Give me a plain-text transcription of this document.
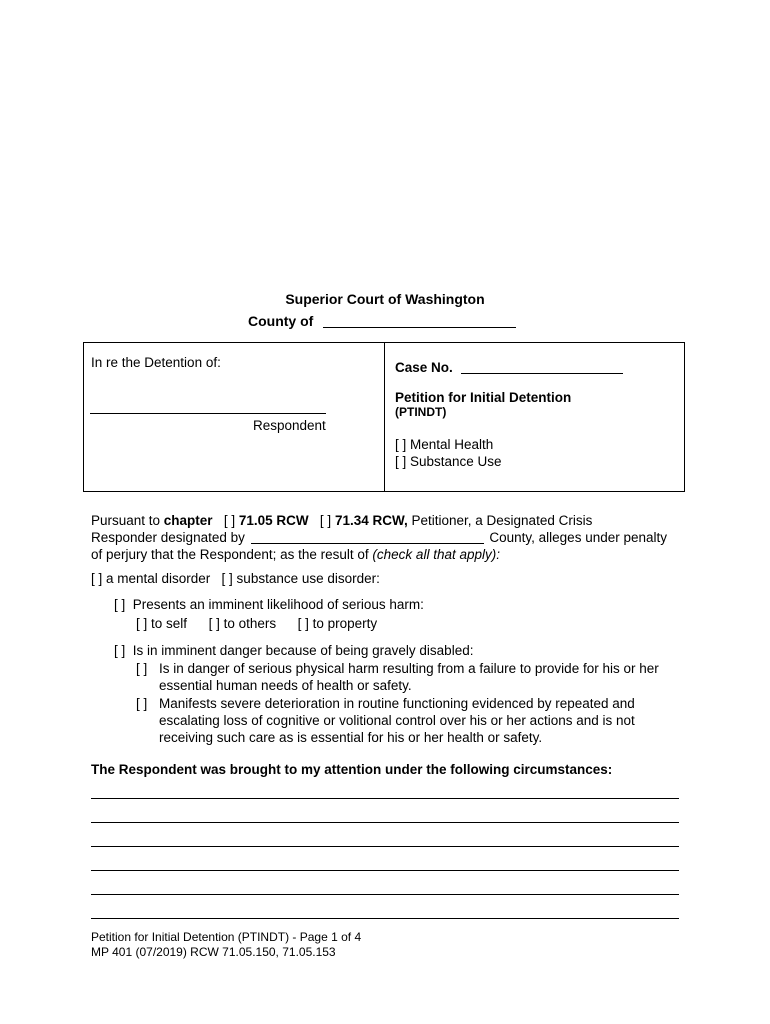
Superior Court of Washington
County of
In re the Detention of:
Respondent
Case No.
Petition for Initial Detention
(PTINDT)
[ ] Mental Health
[ ] Substance Use
Pursuant to chapter [ ] 71.05 RCW [ ] 71.34 RCW, Petitioner, a Designated Crisis
Responder designated by	County, alleges under penalty
of perjury that the Respondent; as the result of (check all that apply):
[ ] a mental disorder   [ ] substance use disorder:
[ ]  Presents an imminent likelihood of serious harm:
[ ] to self [ ] to others [ ] to property
[ ]  Is in imminent danger because of being gravely disabled:
[ ] Is in danger of serious physical harm resulting from a failure to provide for his or her
essential human needs of health or safety.
[ ] Manifests severe deterioration in routine functioning evidenced by repeated and
escalating loss of cognitive or volitional control over his or her actions and is not
receiving such care as is essential for his or her health or safety.
The Respondent was brought to my attention under the following circumstances:
Petition for Initial Detention (PTINDT) - Page 1 of 4
MP 401 (07/2019) RCW 71.05.150, 71.05.153
